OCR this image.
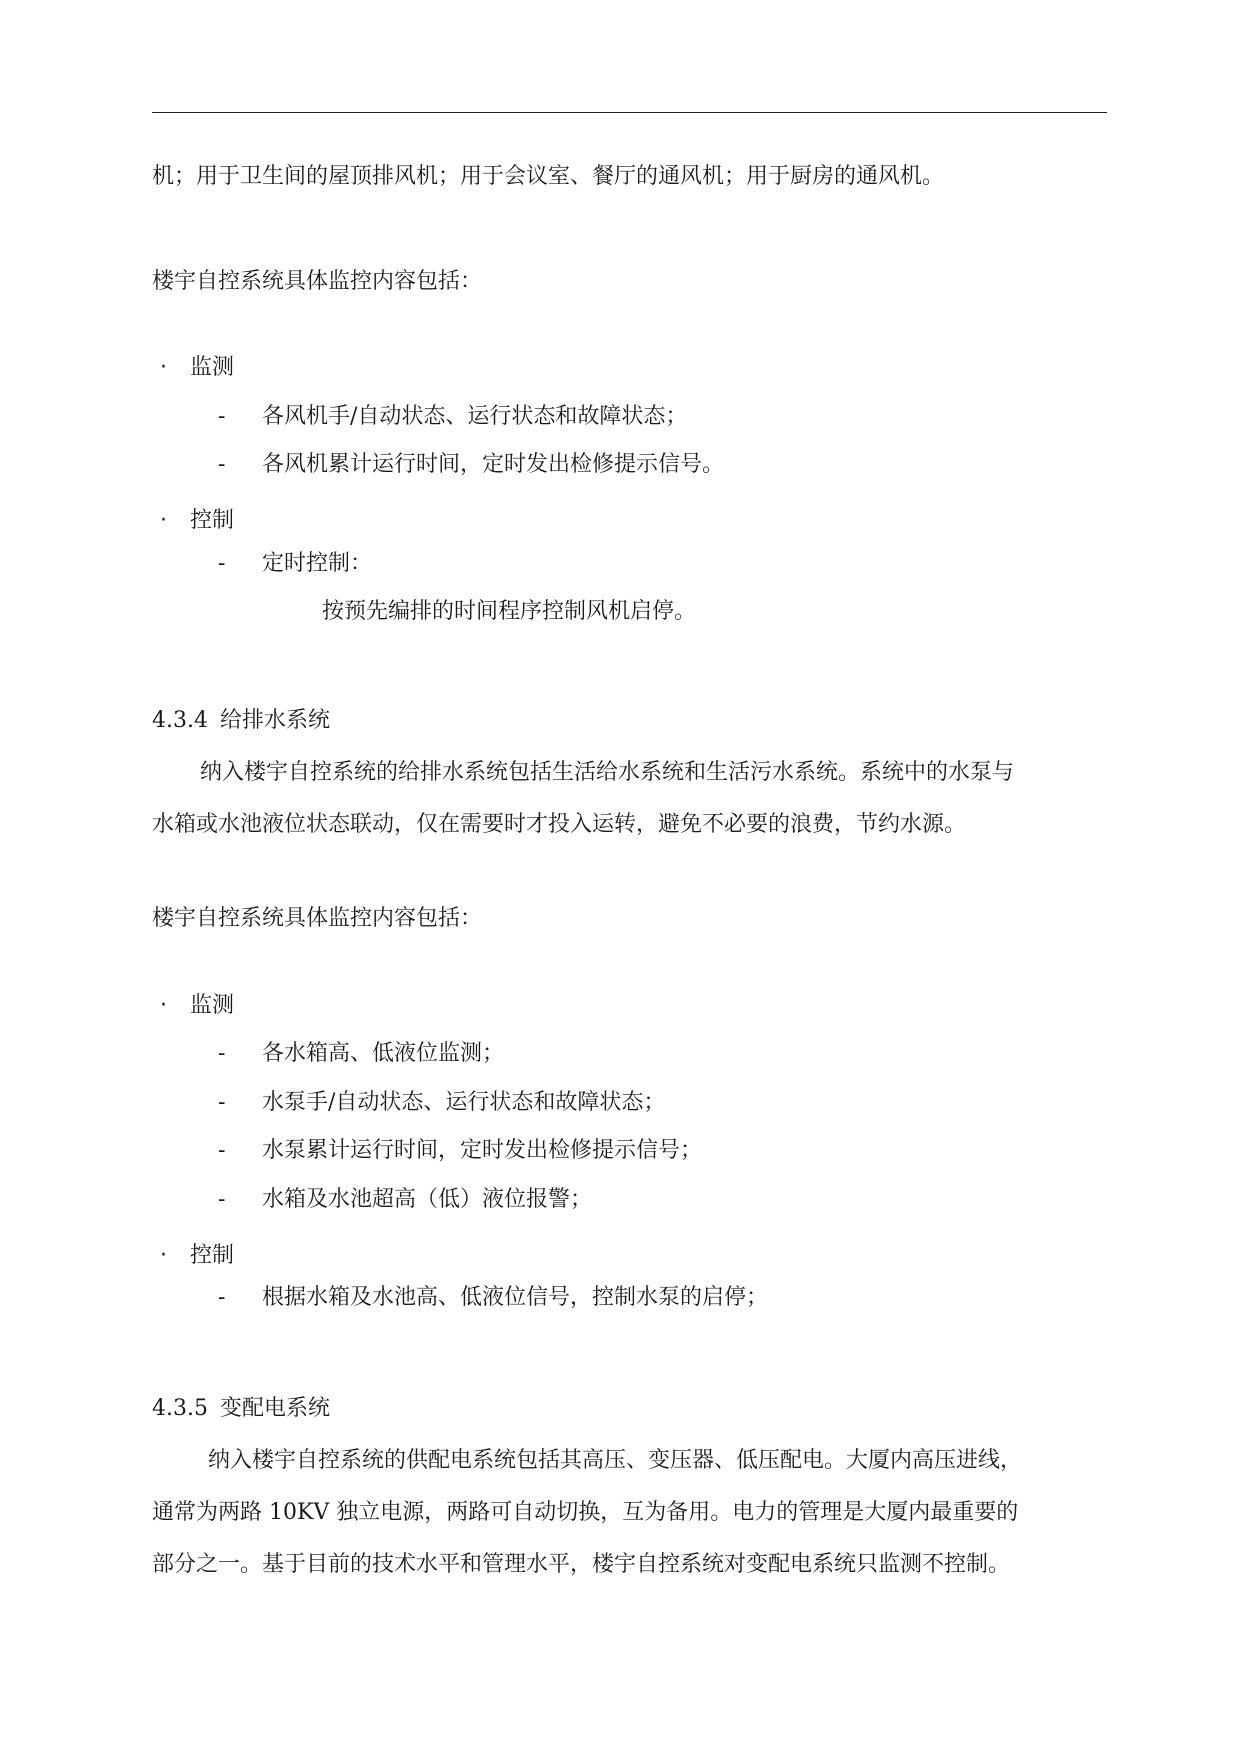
机；用于卫生间的屋顶排风机；用于会议室、餐厅的通风机；用于厨房的通风机。
楼宇自控系统具体监控内容包括：
· 监测
- 各风机手/自动状态、运行状态和故障状态；
- 各风机累计运行时间，定时发出检修提示信号。
· 控制
- 定时控制：
按预先编排的时间程序控制风机启停。
4.3.4 给排水系统
纳入楼宇自控系统的给排水系统包括生活给水系统和生活污水系统。系统中的水泵与
水箱或水池液位状态联动，仅在需要时才投入运转，避免不必要的浪费，节约水源。
楼宇自控系统具体监控内容包括：
· 监测
- 各水箱高、低液位监测；
- 水泵手/自动状态、运行状态和故障状态；
- 水泵累计运行时间，定时发出检修提示信号；
- 水箱及水池超高（低）液位报警；
· 控制
- 根据水箱及水池高、低液位信号，控制水泵的启停；
4.3.5 变配电系统
纳入楼宇自控系统的供配电系统包括其高压、变压器、低压配电。大厦内高压进线，
通常为两路 10KV 独立电源，两路可自动切换，互为备用。电力的管理是大厦内最重要的
部分之一。基于目前的技术水平和管理水平，楼宇自控系统对变配电系统只监测不控制。
